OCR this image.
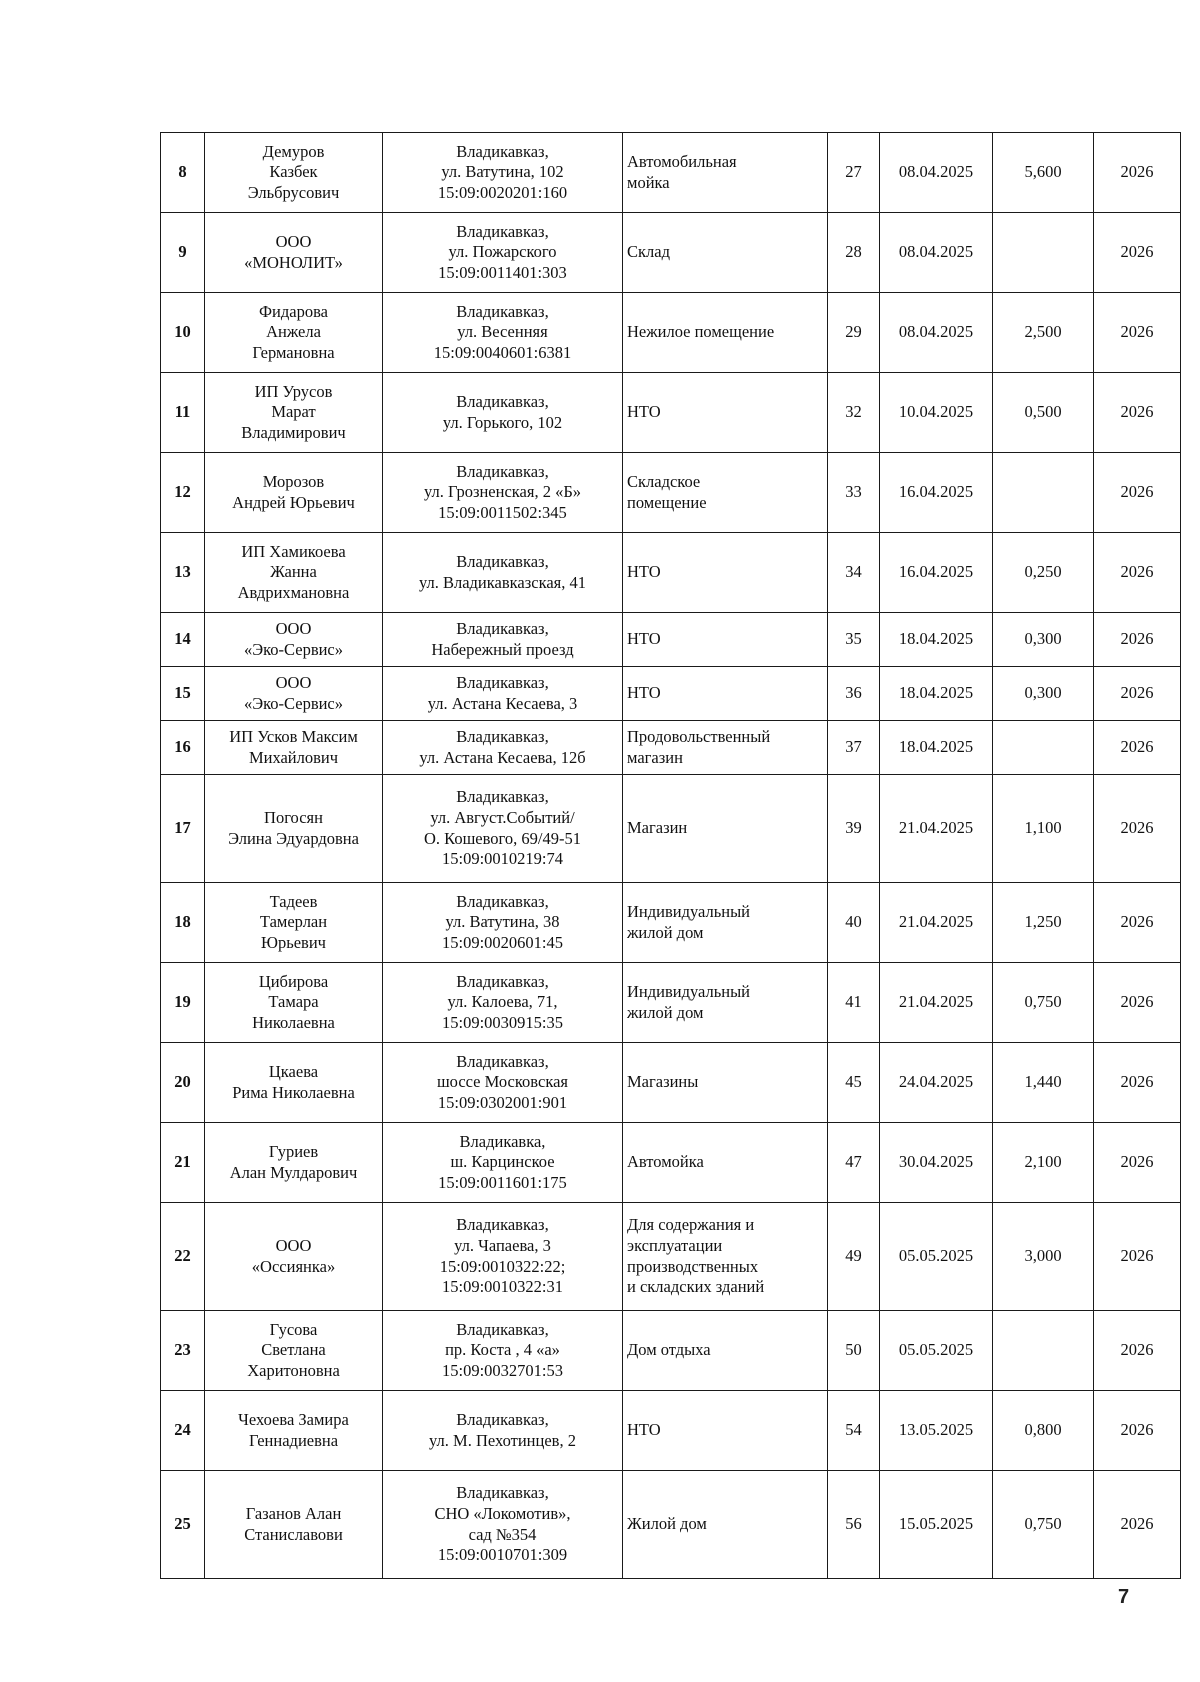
8	Демуров
Казбек
Эльбрусович	Владикавказ,
ул. Ватутина, 102
15:09:0020201:160	Автомобильная
мойка	27	08.04.2025	5,600	2026
9	ООО
«МОНОЛИТ»	Владикавказ,
ул. Пожарского
15:09:0011401:303	Склад	28	08.04.2025		2026
10	Фидарова
Анжела
Германовна	Владикавказ,
ул. Весенняя
15:09:0040601:6381	Нежилое помещение	29	08.04.2025	2,500	2026
11	ИП Урусов
Марат
Владимирович	Владикавказ,
ул. Горького, 102	НТО	32	10.04.2025	0,500	2026
12	Морозов
Андрей Юрьевич	Владикавказ,
ул. Грозненская, 2 «Б»
15:09:0011502:345	Складское
помещение	33	16.04.2025		2026
13	ИП Хамикоева
Жанна
Авдрихмановна	Владикавказ,
ул. Владикавказская, 41	НТО	34	16.04.2025	0,250	2026
14	ООО
«Эко-Сервис»	Владикавказ,
Набережный проезд	НТО	35	18.04.2025	0,300	2026
15	ООО
«Эко-Сервис»	Владикавказ,
ул. Астана Кесаева, 3	НТО	36	18.04.2025	0,300	2026
16	ИП Усков Максим
Михайлович	Владикавказ,
ул. Астана Кесаева, 12б	Продовольственный
магазин	37	18.04.2025		2026
17	Погосян
Элина Эдуардовна	Владикавказ,
ул. Август.Событий/
О. Кошевого, 69/49-51
15:09:0010219:74	Магазин	39	21.04.2025	1,100	2026
18	Тадеев
Тамерлан
Юрьевич	Владикавказ,
ул. Ватутина, 38
15:09:0020601:45	Индивидуальный
жилой дом	40	21.04.2025	1,250	2026
19	Цибирова
Тамара
Николаевна	Владикавказ,
ул. Калоева, 71,
15:09:0030915:35	Индивидуальный
жилой дом	41	21.04.2025	0,750	2026
20	Цкаева
Рима Николаевна	Владикавказ,
шоссе Московская
15:09:0302001:901	Магазины	45	24.04.2025	1,440	2026
21	Гуриев
Алан Мулдарович	Владикавка,
ш. Карцинское
15:09:0011601:175	Автомойка	47	30.04.2025	2,100	2026
22	ООО
«Оссиянка»	Владикавказ,
ул. Чапаева, 3
15:09:0010322:22;
15:09:0010322:31	Для содержания и
эксплуатации
производственных
и складских зданий	49	05.05.2025	3,000	2026
23	Гусова
Светлана
Харитоновна	Владикавказ,
пр. Коста , 4 «а»
15:09:0032701:53	Дом отдыха	50	05.05.2025		2026
24	Чехоева Замира
Геннадиевна	Владикавказ,
ул. М. Пехотинцев, 2	НТО	54	13.05.2025	0,800	2026
25	Газанов Алан
Станиславови	Владикавказ,
СНО «Локомотив»,
сад №354
15:09:0010701:309	Жилой дом	56	15.05.2025	0,750	2026
7
